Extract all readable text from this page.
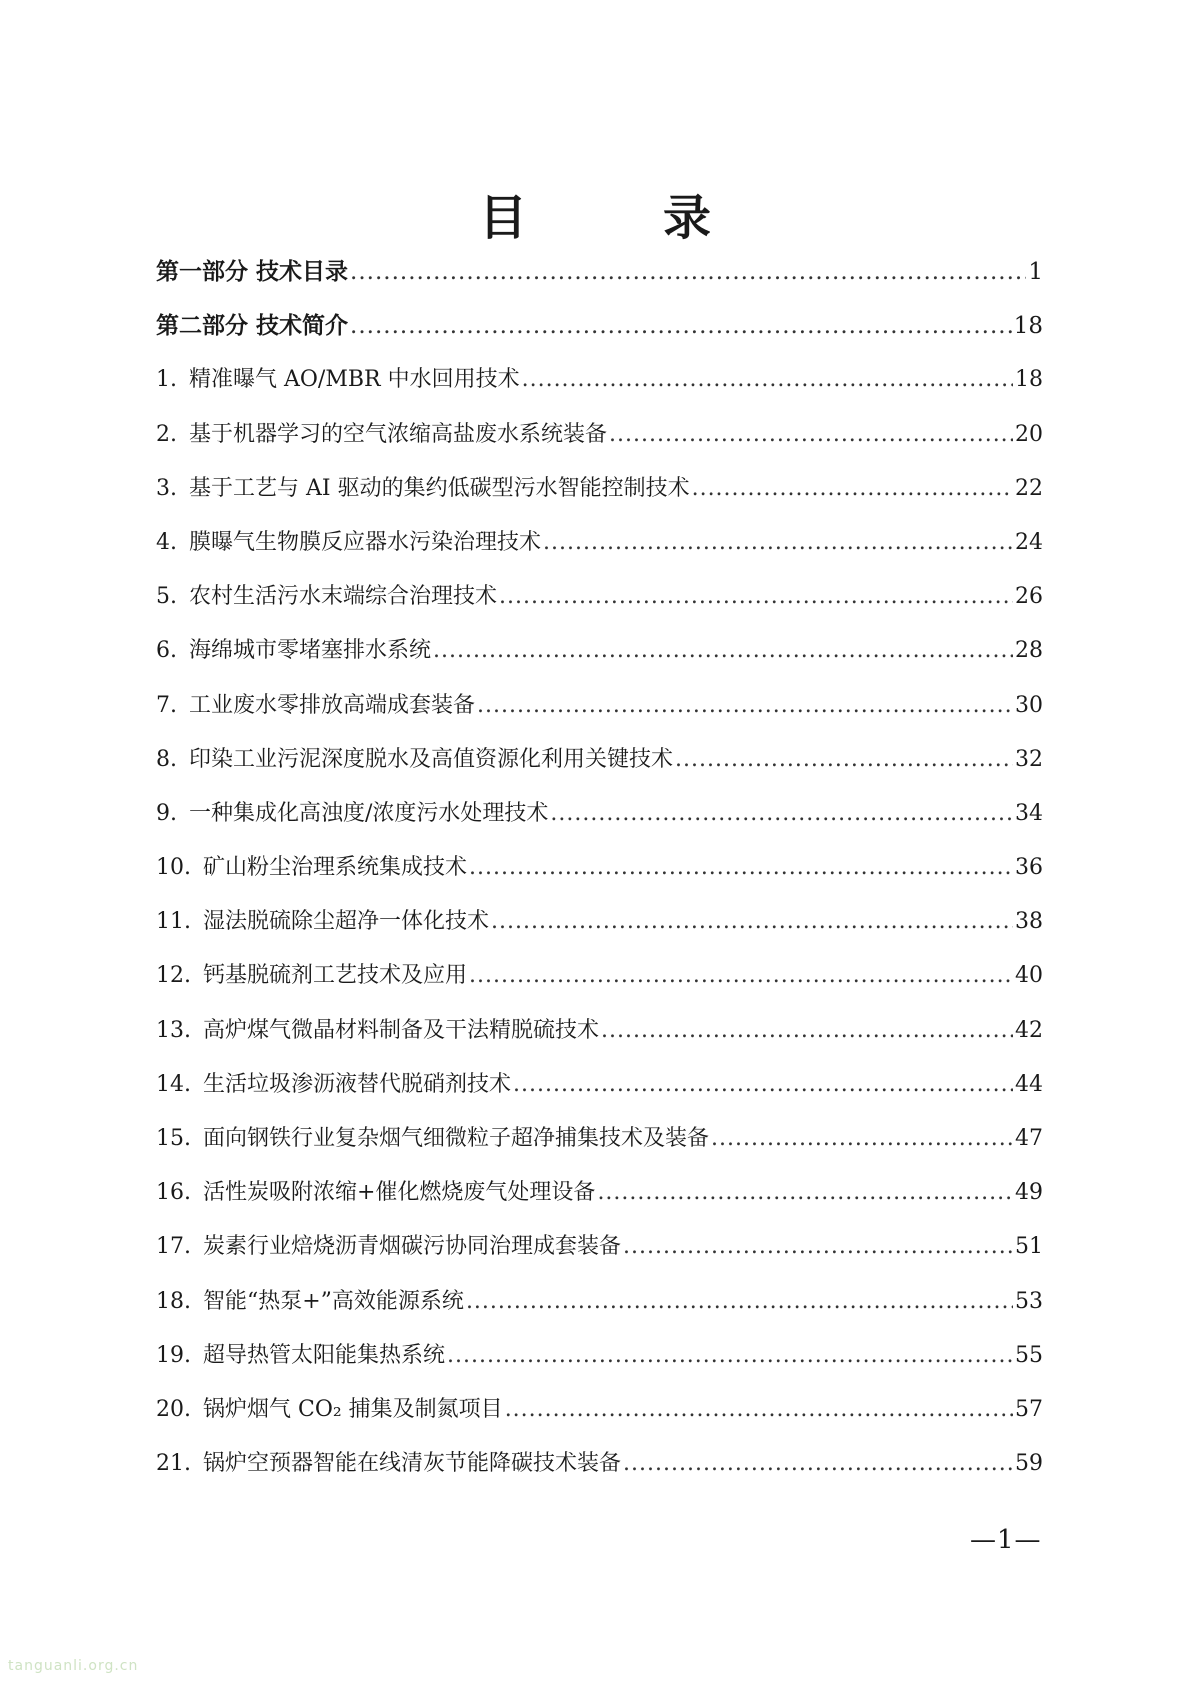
目　录
第一部分 技术目录 .....	1
第二部分 技术简介 .....	18
1. 精准曝气 AO/MBR 中水回用技术 .....	18
2. 基于机器学习的空气浓缩高盐废水系统装备 .....	20
3. 基于工艺与 AI 驱动的集约低碳型污水智能控制技术 .....	22
4. 膜曝气生物膜反应器水污染治理技术 .....	24
5. 农村生活污水末端综合治理技术 .....	26
6. 海绵城市零堵塞排水系统 .....	28
7. 工业废水零排放高端成套装备 .....	30
8. 印染工业污泥深度脱水及高值资源化利用关键技术 .....	32
9. 一种集成化高浊度/浓度污水处理技术 .....	34
10. 矿山粉尘治理系统集成技术 .....	36
11. 湿法脱硫除尘超净一体化技术 .....	38
12. 钙基脱硫剂工艺技术及应用 .....	40
13. 高炉煤气微晶材料制备及干法精脱硫技术 .....	42
14. 生活垃圾渗沥液替代脱硝剂技术 .....	44
15. 面向钢铁行业复杂烟气细微粒子超净捕集技术及装备 .....	47
16. 活性炭吸附浓缩+催化燃烧废气处理设备 .....	49
17. 炭素行业焙烧沥青烟碳污协同治理成套装备 .....	51
18. 智能“热泵+”高效能源系统 .....	53
19. 超导热管太阳能集热系统 .....	55
20. 锅炉烟气 CO₂ 捕集及制氮项目 .....	57
21. 锅炉空预器智能在线清灰节能降碳技术装备 .....	59
—1—
tanguanli.org.cn
